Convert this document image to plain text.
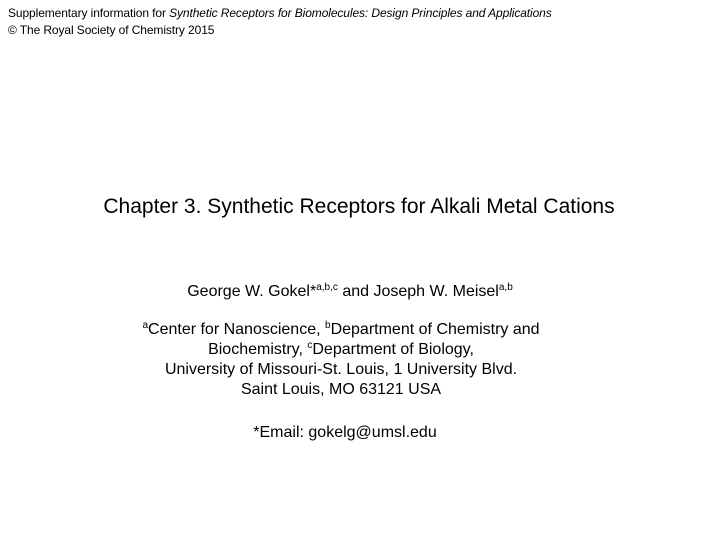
Supplementary information for Synthetic Receptors for Biomolecules: Design Principles and Applications
© The Royal Society of Chemistry 2015
Chapter 3. Synthetic Receptors for Alkali Metal Cations
George W. Gokel*$^{a,b,c}$ and Joseph W. Meisel$^{a,b}$
$^a$Center for Nanoscience, $^b$Department of Chemistry and
Biochemistry, $^c$Department of Biology,
University of Missouri-St. Louis, 1 University Blvd.
Saint Louis, MO 63121 USA
*Email: gokelg@umsl.edu
